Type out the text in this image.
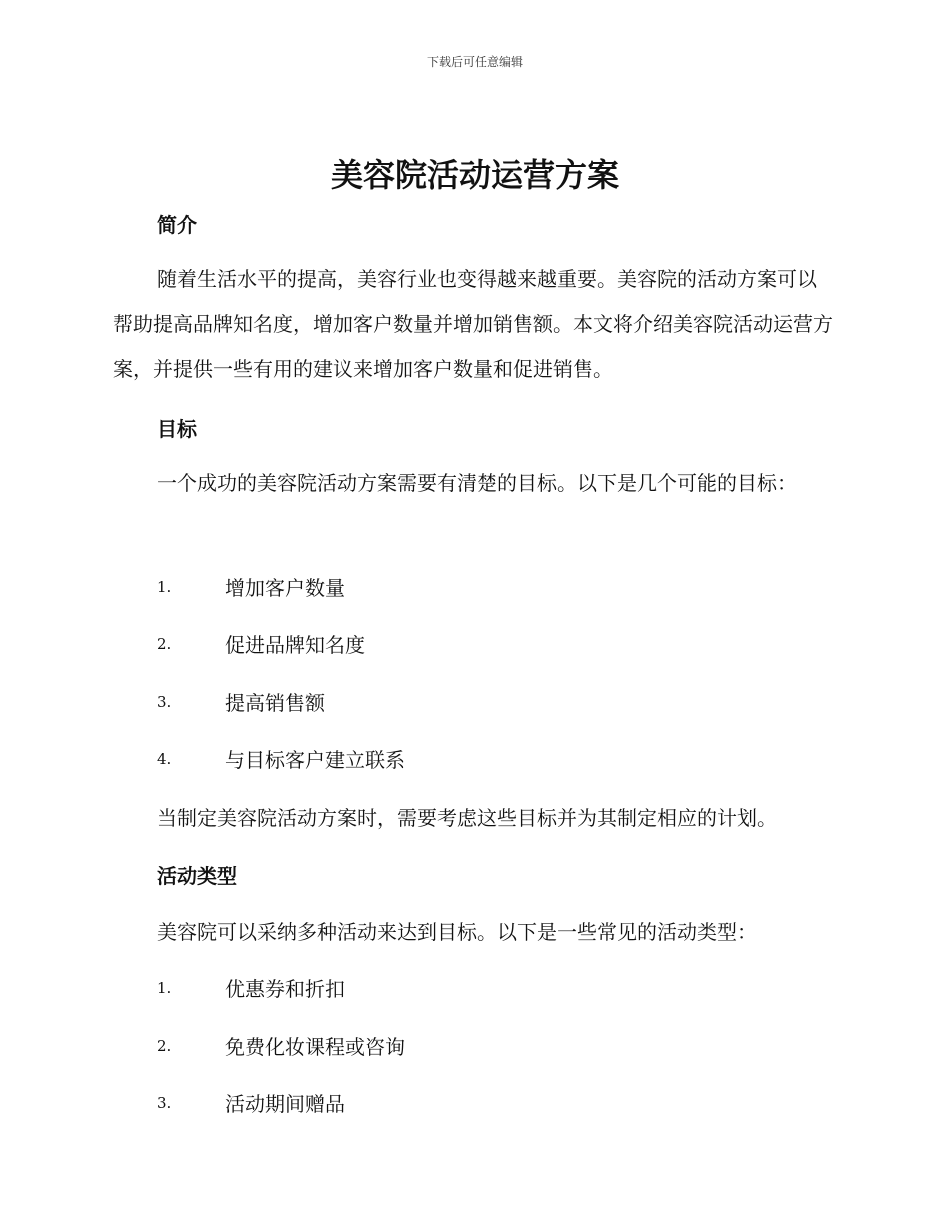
下载后可任意编辑
美容院活动运营方案
简介

随着生活水平的提高，美容行业也变得越来越重要。美容院的活动方案可以帮助提高品牌知名度，增加客户数量并增加销售额。本文将介绍美容院活动运营方案，并提供一些有用的建议来增加客户数量和促进销售。

目标

一个成功的美容院活动方案需要有清楚的目标。以下是几个可能的目标：

1.	增加客户数量
2.	促进品牌知名度
3.	提高销售额
4.	与目标客户建立联系

当制定美容院活动方案时，需要考虑这些目标并为其制定相应的计划。

活动类型

美容院可以采纳多种活动来达到目标。以下是一些常见的活动类型：

1.	优惠券和折扣
2.	免费化妆课程或咨询
3.	活动期间赠品
